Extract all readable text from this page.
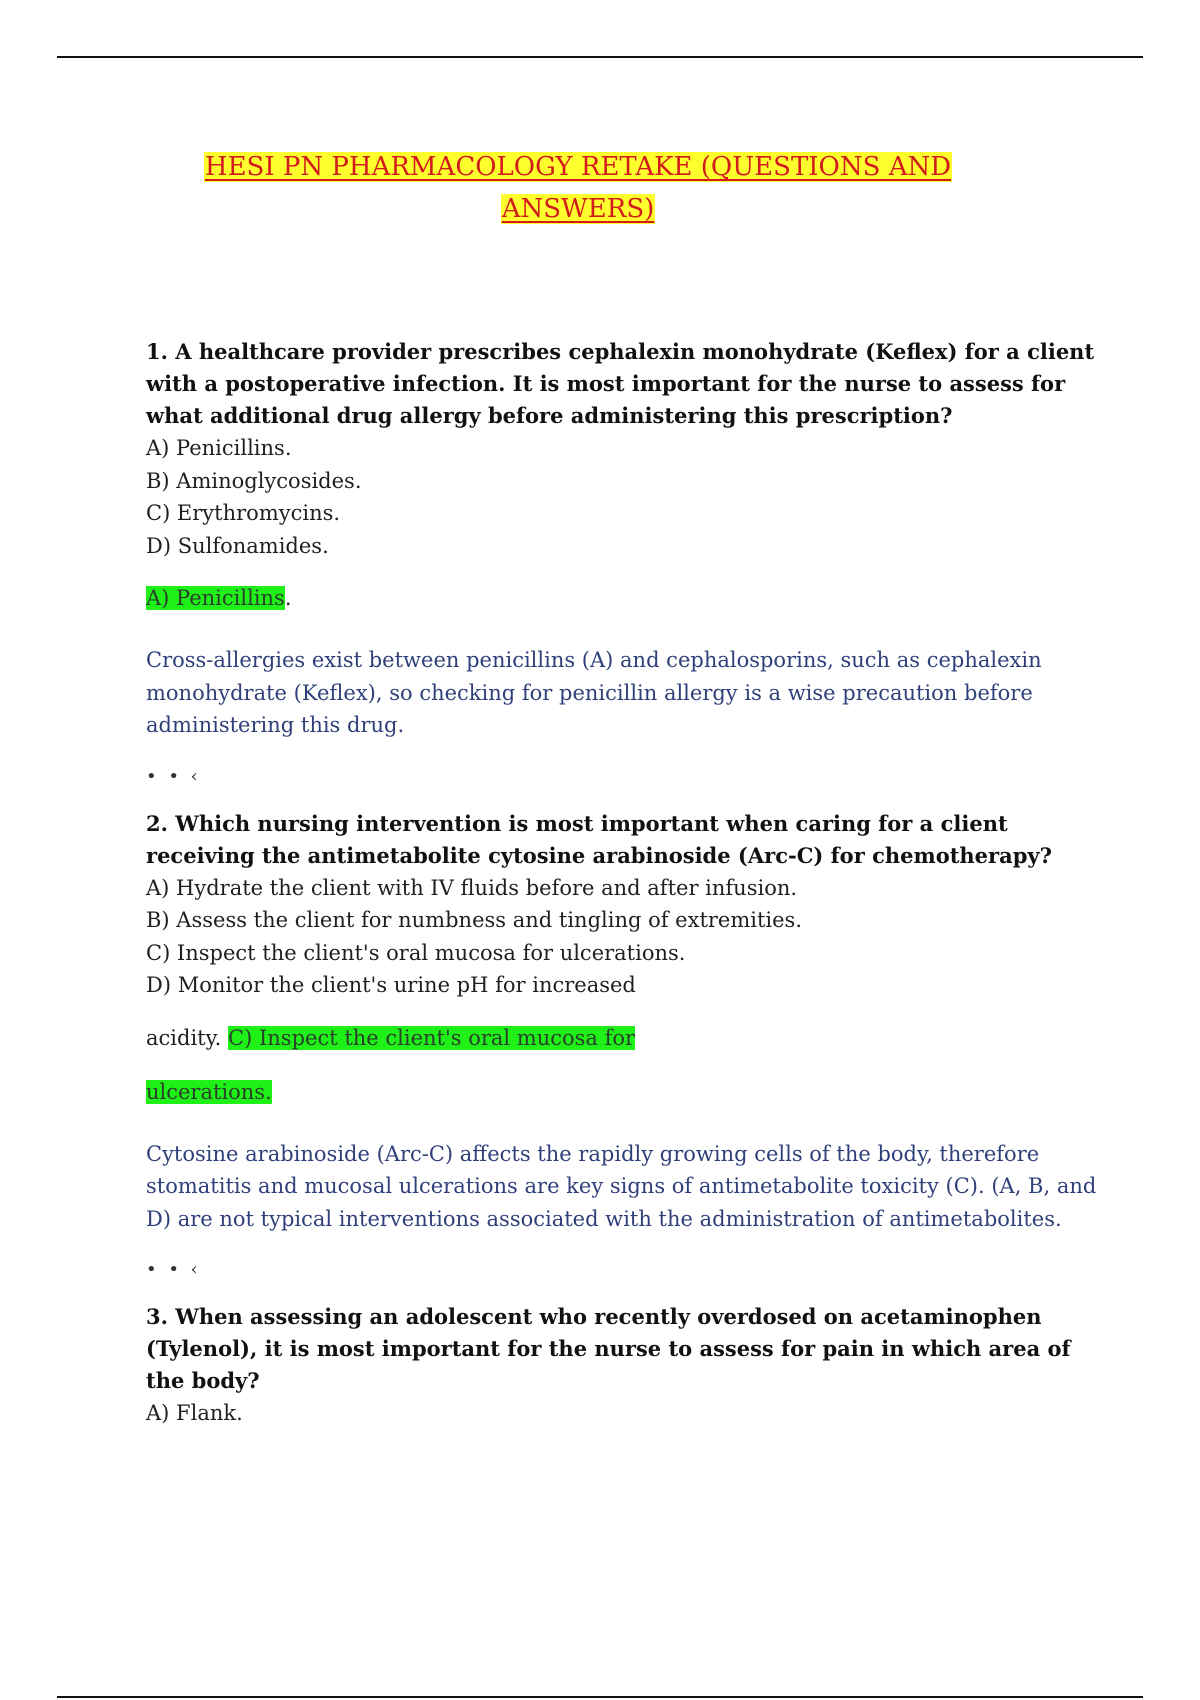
HESI PN PHARMACOLOGY RETAKE (QUESTIONS AND
ANSWERS)

1. A healthcare provider prescribes cephalexin monohydrate (Keflex) for a client with a postoperative infection. It is most important for the nurse to assess for what additional drug allergy before administering this prescription?

A) Penicillins.

B) Aminoglycosides.

C) Erythromycins.

D) Sulfonamides.

A) Penicillins.

Cross-allergies exist between penicillins (A) and cephalosporins, such as cephalexin monohydrate (Keflex), so checking for penicillin allergy is a wise precaution before administering this drug.

• • ‹

2. Which nursing intervention is most important when caring for a client receiving the antimetabolite cytosine arabinoside (Arc-C) for chemotherapy?

A) Hydrate the client with IV fluids before and after infusion.

B) Assess the client for numbness and tingling of extremities.

C) Inspect the client's oral mucosa for ulcerations.

D) Monitor the client's urine pH for increased

acidity. C) Inspect the client's oral mucosa for

ulcerations.

Cytosine arabinoside (Arc-C) affects the rapidly growing cells of the body, therefore stomatitis and mucosal ulcerations are key signs of antimetabolite toxicity (C). (A, B, and D) are not typical interventions associated with the administration of antimetabolites.

• • ‹

3. When assessing an adolescent who recently overdosed on acetaminophen (Tylenol), it is most important for the nurse to assess for pain in which area of the body?

A) Flank.
